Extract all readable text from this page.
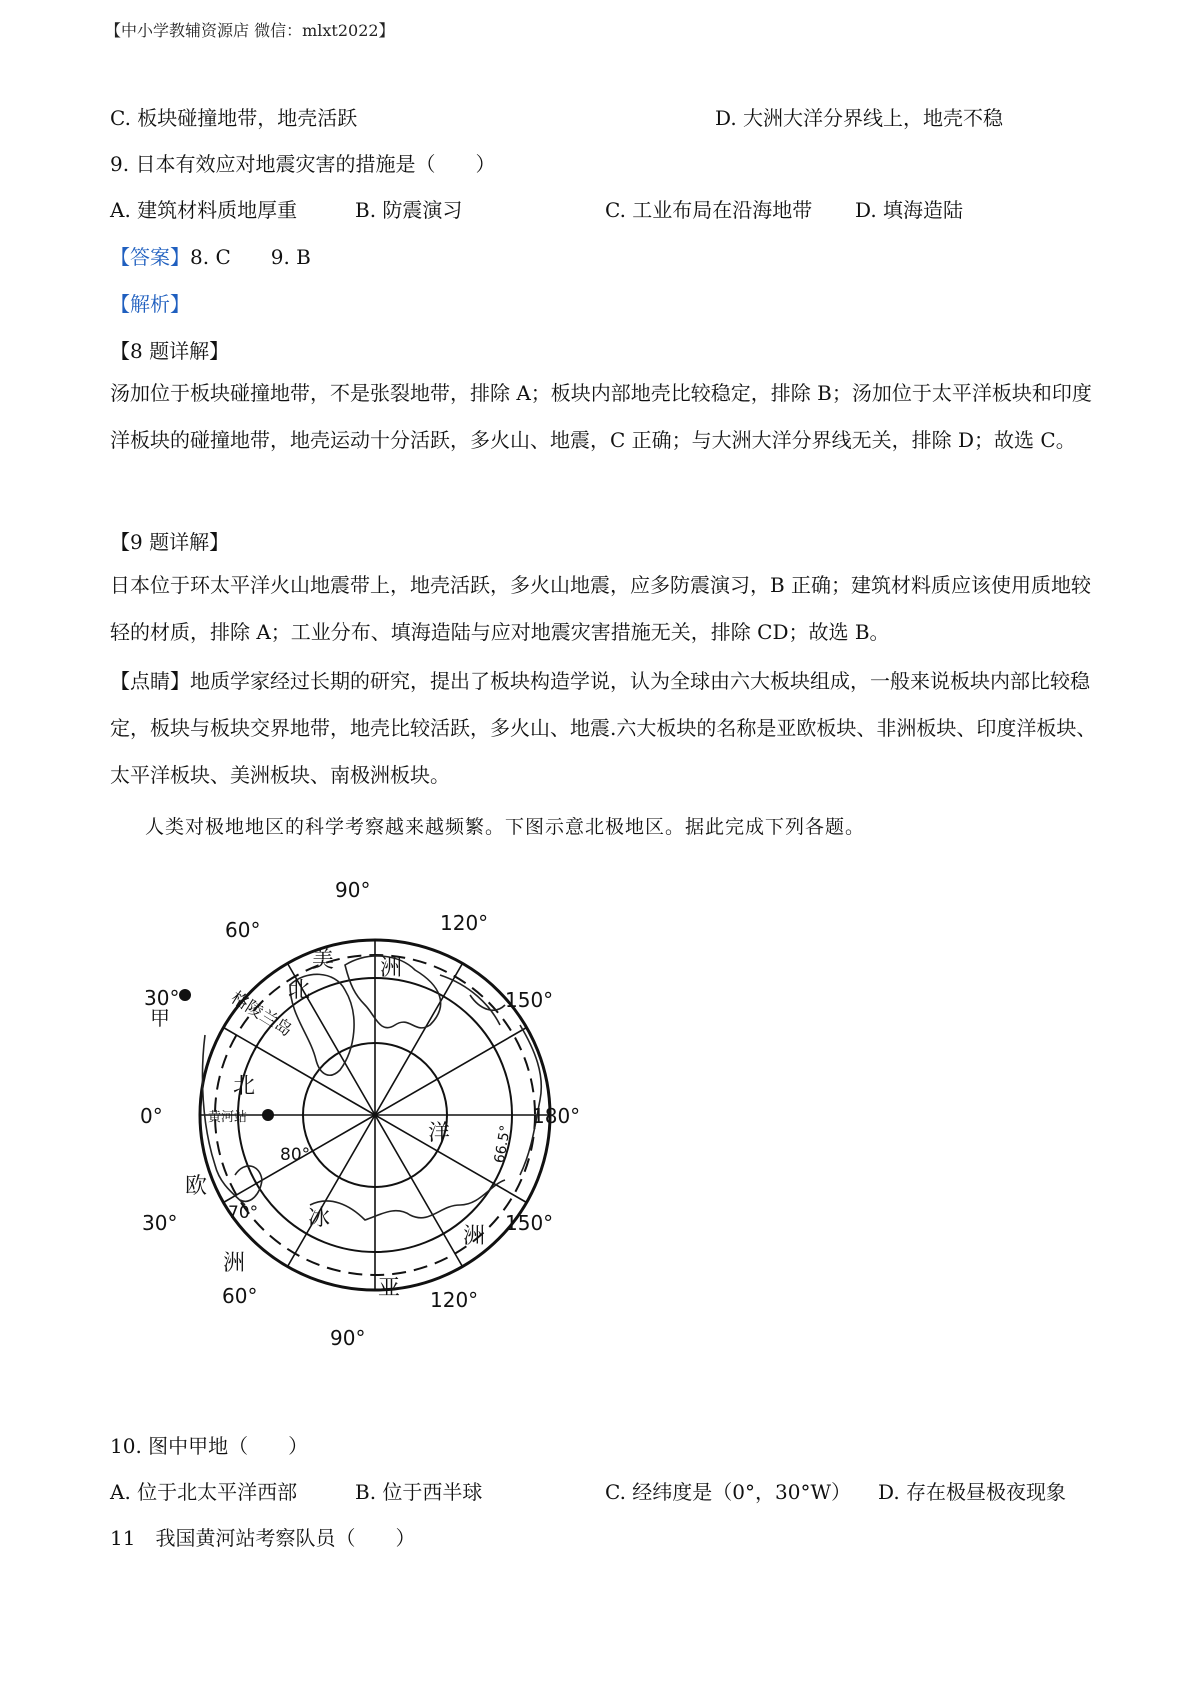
【中小学教辅资源店 微信：mlxt2022】
C. 板块碰撞地带，地壳活跃	D. 大洲大洋分界线上，地壳不稳
9. 日本有效应对地震灾害的措施是（　　）
A. 建筑材料质地厚重	B. 防震演习	C. 工业布局在沿海地带 D. 填海造陆
【答案】8. C　　9. B
【解析】
【8 题详解】
汤加位于板块碰撞地带，不是张裂地带，排除 A；板块内部地壳比较稳定，排除 B；汤加位于太平洋板块和印度洋板块的碰撞地带，地壳运动十分活跃，多火山、地震，C 正确；与大洲大洋分界线无关，排除 D；故选 C。
【9 题详解】
日本位于环太平洋火山地震带上，地壳活跃，多火山地震，应多防震演习，B 正确；建筑材料质应该使用质地较轻的材质，排除 A；工业分布、填海造陆与应对地震灾害措施无关，排除 CD；故选 B。
【点睛】地质学家经过长期的研究，提出了板块构造学说，认为全球由六大板块组成，一般来说板块内部比较稳定，板块与板块交界地带，地壳比较活跃，多火山、地震.六大板块的名称是亚欧板块、非洲板块、印度洋板块、太平洋板块、美洲板块、南极洲板块。
人类对极地地区的科学考察越来越频繁。下图示意北极地区。据此完成下列各题。
甲
黄河站
90°
120°
150°
180°
150°
120°
90°
60°
30°
0°
30°
60°
80°
70°
66.5°
美 洲
北
格陵兰岛
北
洋
冰
欧
洲
亚
洲
10. 图中甲地（　　）
A. 位于北太平洋西部	B. 位于西半球	C. 经纬度是（0°，30°W） D. 存在极昼极夜现象
11　我国黄河站考察队员（　　）
